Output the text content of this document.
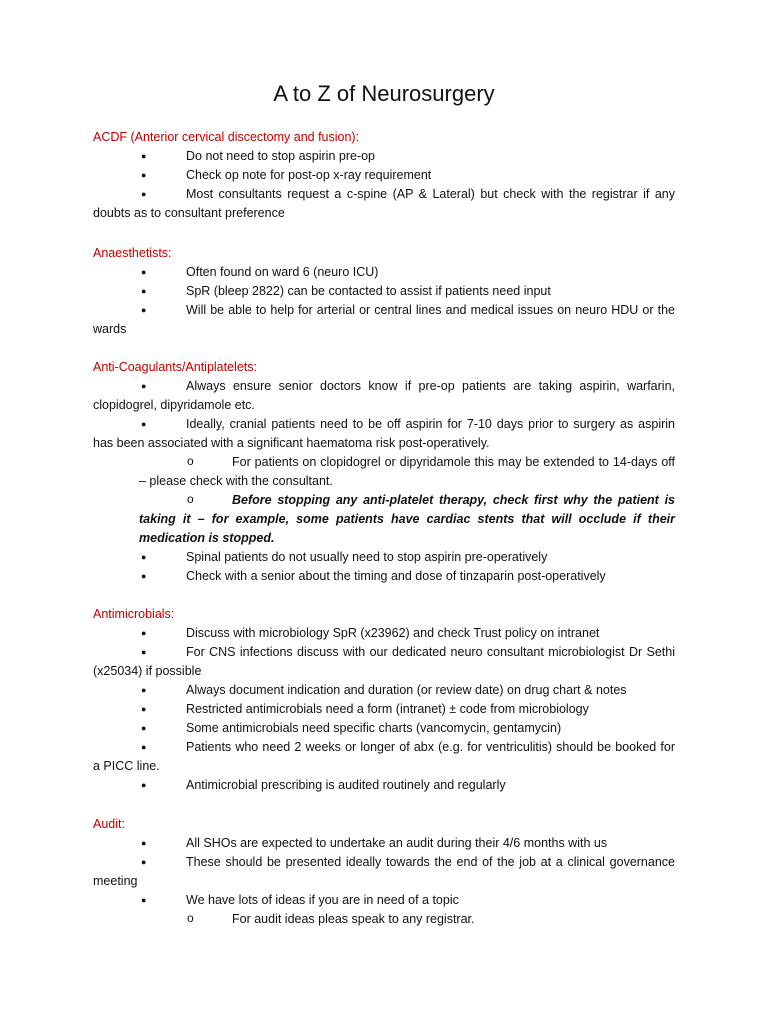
A to Z of Neurosurgery
ACDF (Anterior cervical discectomy and fusion):
●	Do not need to stop aspirin pre-op
●	Check op note for post-op x-ray requirement
●	Most consultants request a c-spine (AP & Lateral) but check with the registrar if any doubts as to consultant preference
Anaesthetists:
●	Often found on ward 6 (neuro ICU)
●	SpR (bleep 2822) can be contacted to assist if patients need input
●	Will be able to help for arterial or central lines and medical issues on neuro HDU or the wards
Anti-Coagulants/Antiplatelets:
●	Always ensure senior doctors know if pre-op patients are taking aspirin, warfarin, clopidogrel, dipyridamole etc.
●	Ideally, cranial patients need to be off aspirin for 7-10 days prior to surgery as aspirin has been associated with a significant haematoma risk post-operatively.
o	For patients on clopidogrel or dipyridamole this may be extended to 14-days off – please check with the consultant.
o	Before stopping any anti-platelet therapy, check first why the patient is taking it – for example, some patients have cardiac stents that will occlude if their medication is stopped.
●	Spinal patients do not usually need to stop aspirin pre-operatively
●	Check with a senior about the timing and dose of tinzaparin post-operatively
Antimicrobials:
●	Discuss with microbiology SpR (x23962) and check Trust policy on intranet
●	For CNS infections discuss with our dedicated neuro consultant microbiologist Dr Sethi (x25034) if possible
●	Always document indication and duration (or review date) on drug chart & notes
●	Restricted antimicrobials need a form (intranet) ± code from microbiology
●	Some antimicrobials need specific charts (vancomycin, gentamycin)
●	Patients who need 2 weeks or longer of abx (e.g. for ventriculitis) should be booked for a PICC line.
●	Antimicrobial prescribing is audited routinely and regularly
Audit:
●	All SHOs are expected to undertake an audit during their 4/6 months with us
●	These should be presented ideally towards the end of the job at a clinical governance meeting
●	We have lots of ideas if you are in need of a topic
o	For audit ideas pleas speak to any registrar.
